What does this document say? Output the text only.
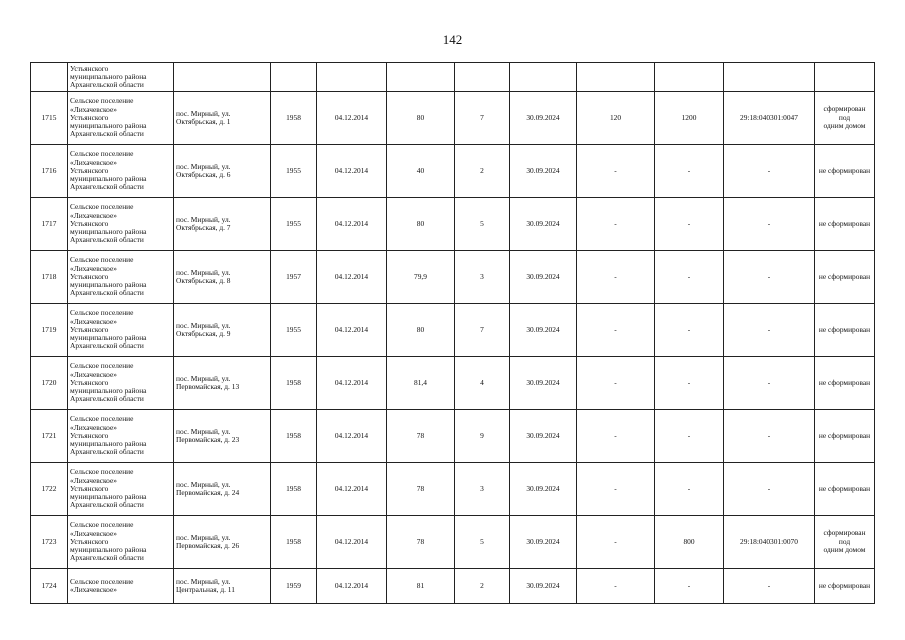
142
	Устьянского
муниципального района
Архангельской области										
1715	Сельское поселение
«Лихачевское»
Устьянского
муниципального района
Архангельской области	пос. Мирный, ул.
Октябрьская, д. 1	1958	04.12.2014	80	7	30.09.2024	120	1200	29:18:040301:0047	сформирован под
одним домом
1716	Сельское поселение
«Лихачевское»
Устьянского
муниципального района
Архангельской области	пос. Мирный, ул.
Октябрьская, д. 6	1955	04.12.2014	40	2	30.09.2024	-	-	-	не сформирован
1717	Сельское поселение
«Лихачевское»
Устьянского
муниципального района
Архангельской области	пос. Мирный, ул.
Октябрьская, д. 7	1955	04.12.2014	80	5	30.09.2024	-	-	-	не сформирован
1718	Сельское поселение
«Лихачевское»
Устьянского
муниципального района
Архангельской области	пос. Мирный, ул.
Октябрьская, д. 8	1957	04.12.2014	79,9	3	30.09.2024	-	-	-	не сформирован
1719	Сельское поселение
«Лихачевское»
Устьянского
муниципального района
Архангельской области	пос. Мирный, ул.
Октябрьская, д. 9	1955	04.12.2014	80	7	30.09.2024	-	-	-	не сформирован
1720	Сельское поселение
«Лихачевское»
Устьянского
муниципального района
Архангельской области	пос. Мирный, ул.
Первомайская, д. 13	1958	04.12.2014	81,4	4	30.09.2024	-	-	-	не сформирован
1721	Сельское поселение
«Лихачевское»
Устьянского
муниципального района
Архангельской области	пос. Мирный, ул.
Первомайская, д. 23	1958	04.12.2014	78	9	30.09.2024	-	-	-	не сформирован
1722	Сельское поселение
«Лихачевское»
Устьянского
муниципального района
Архангельской области	пос. Мирный, ул.
Первомайская, д. 24	1958	04.12.2014	78	3	30.09.2024	-	-	-	не сформирован
1723	Сельское поселение
«Лихачевское»
Устьянского
муниципального района
Архангельской области	пос. Мирный, ул.
Первомайская, д. 26	1958	04.12.2014	78	5	30.09.2024	-	800	29:18:040301:0070	сформирован под
одним домом
1724	Сельское поселение
«Лихачевское»	пос. Мирный, ул.
Центральная, д. 11	1959	04.12.2014	81	2	30.09.2024	-	-	-	не сформирован
